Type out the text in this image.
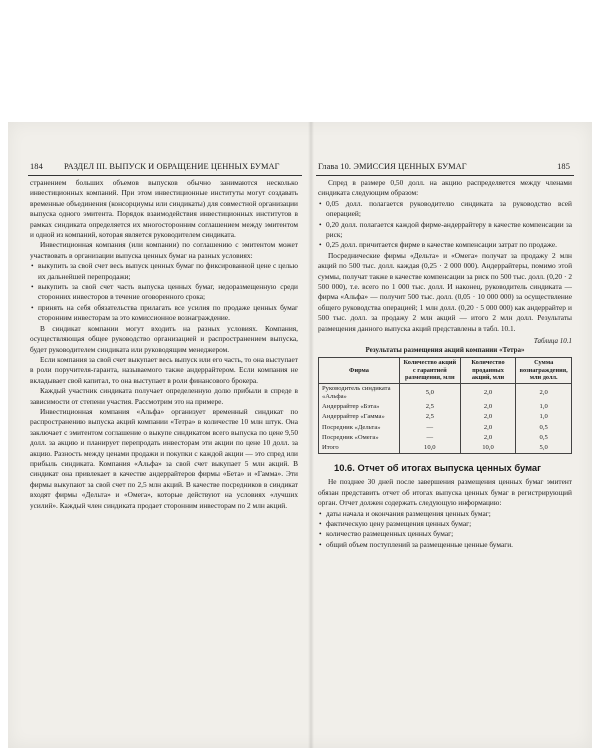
184	РАЗДЕЛ III. ВЫПУСК И ОБРАЩЕНИЕ ЦЕННЫХ БУМАГ

странением больших объемов выпусков обычно занимаются несколько инвестиционных компаний. При этом инвестиционные институты могут создавать временные объединения (консорциумы или синдикаты) для совместной организации выпуска одного эмитента. Порядок взаимодействия инвестиционных институтов в рамках синдиката определяется их многосторонним соглашением между эмитентом и одной из компаний, которая является руководителем синдиката.

Инвестиционная компания (или компании) по соглашению с эмитентом может участвовать в организации выпуска ценных бумаг на разных условиях:

• выкупить за свой счет весь выпуск ценных бумаг по фиксированной цене с целью их дальнейшей перепродажи;

• выкупить за свой счет часть выпуска ценных бумаг, недоразмещенную среди сторонних инвесторов в течение оговоренного срока;

• принять на себя обязательства прилагать все усилия по продаже ценных бумаг сторонним инвесторам за это комиссионное вознаграждение.

В синдикат компании могут входить на разных условиях. Компания, осуществляющая общее руководство организацией и распространением выпуска, будет руководителем синдиката или руководящим менеджером.

Если компания за свой счет выкупает весь выпуск или его часть, то она выступает в роли поручителя-гаранта, называемого также андеррайтером. Если компания не вкладывает свой капитал, то она выступает в роли финансового брокера.

Каждый участник синдиката получает определенную долю прибыли в спреде в зависимости от степени участия. Рассмотрим это на примере.

Инвестиционная компания «Альфа» организует временный синдикат по распространению выпуска акций компании «Тетра» в количестве 10 млн штук. Она заключает с эмитентом соглашение о выкупе синдикатом всего выпуска по цене 9,50 долл. за акцию и планирует перепродать инвесторам эти акции по цене 10 долл. за акцию. Разность между ценами продажи и покупки с каждой акции — это спред или прибыль синдиката. Компания «Альфа» за свой счет выкупает 5 млн акций. В синдикат она привлекает в качестве андеррайтеров фирмы «Бета» и «Гамма». Эти фирмы выкупают за свой счет по 2,5 млн акций. В качестве посредников в синдикат входят фирмы «Дельта» и «Омега», которые действуют на условиях «лучших усилий». Каждый член синдиката продает сторонним инвесторам по 2 млн акций.

Глава 10. ЭМИССИЯ ЦЕННЫХ БУМАГ	185

Спред в размере 0,50 долл. на акцию распределяется между членами синдиката следующим образом:

• 0,05 долл. полагается руководителю синдиката за руководство всей операцией;

• 0,20 долл. полагается каждой фирме-андеррайтеру в качестве компенсации за риск;

• 0,25 долл. причитается фирме в качестве компенсации затрат по продаже.

Посреднические фирмы «Дельта» и «Омега» получат за продажу 2 млн акций по 500 тыс. долл. каждая (0,25 · 2 000 000). Андеррайтеры, помимо этой суммы, получат также в качестве компенсации за риск по 500 тыс. долл. (0,20 · 2 500 000), т.е. всего по 1 000 тыс. долл. И наконец, руководитель синдиката — фирма «Альфа» — получит 500 тыс. долл. (0,05 · 10 000 000) за осуществление общего руководства операцией; 1 млн долл. (0,20 · 5 000 000) как андеррайтер и 500 тыс. долл. за продажу 2 млн акций — итого 2 млн долл. Результаты размещения данного выпуска акций представлены в табл. 10.1.

Таблица 10.1
Результаты размещения акций компании «Тетра»
Фирма	Количество акций с гарантией размещения, млн	Количество проданных акций, млн	Сумма вознаграждения, млн долл.
Руководитель синдиката «Альфа»	5,0	2,0	2,0
Андеррайтер «Бэта»	2,5	2,0	1,0
Андеррайтер «Гамма»	2,5	2,0	1,0
Посредник «Дельта»	—	2,0	0,5
Посредник «Омега»	—	2,0	0,5
Итого	10,0	10,0	5,0
10.6. Отчет об итогах выпуска ценных бумаг

Не позднее 30 дней после завершения размещения ценных бумаг эмитент обязан представить отчет об итогах выпуска ценных бумаг в регистрирующий орган. Отчет должен содержать следующую информацию:

• даты начала и окончания размещения ценных бумаг;

• фактическую цену размещения ценных бумаг;

• количество размещенных ценных бумаг;

• общий объем поступлений за размещенные ценные бумаги.
